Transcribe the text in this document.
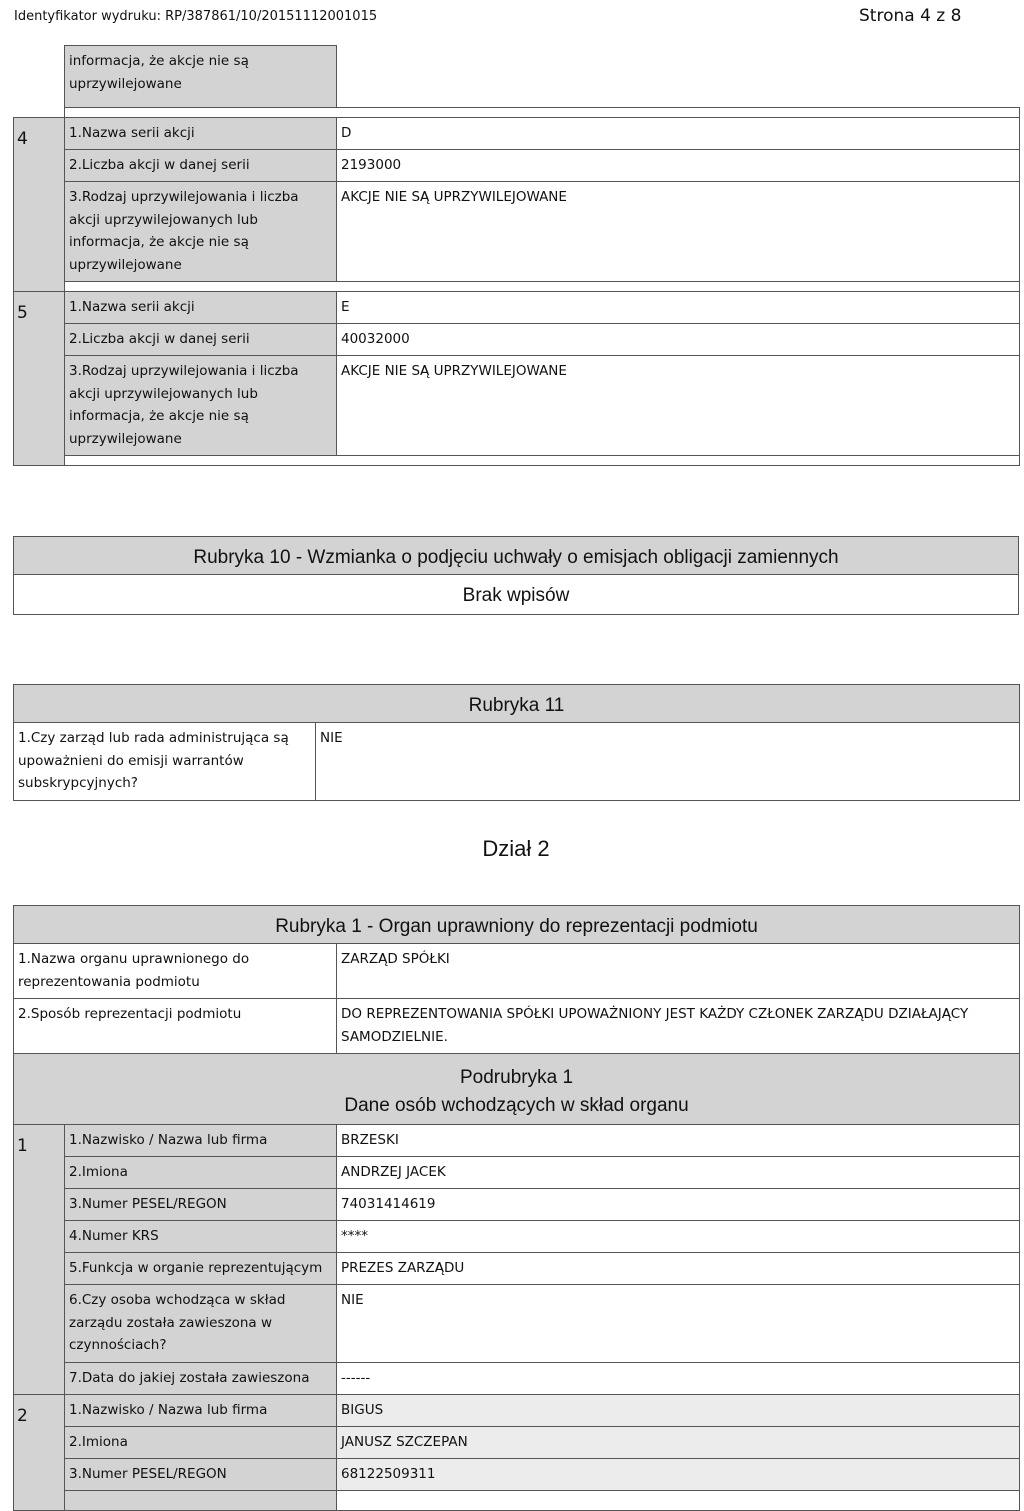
Identyfikator wydruku: RP/387861/10/20151112001015	Strona 4 z 8
	informacja, że akcje nie są uprzywilejowane	

4	1.Nazwa serii akcji	D
	2.Liczba akcji w danej serii	2193000
	3.Rodzaj uprzywilejowania i liczba akcji uprzywilejowanych lub informacja, że akcje nie są uprzywilejowane	AKCJE NIE SĄ UPRZYWILEJOWANE

5	1.Nazwa serii akcji	E
	2.Liczba akcji w danej serii	40032000
	3.Rodzaj uprzywilejowania i liczba akcji uprzywilejowanych lub informacja, że akcje nie są uprzywilejowane	AKCJE NIE SĄ UPRZYWILEJOWANE

Rubryka 10 - Wzmianka o podjęciu uchwały o emisjach obligacji zamiennych
Brak wpisów
Rubryka 11
1.Czy zarząd lub rada administrująca są upoważnieni do emisji warrantów subskrypcyjnych?	NIE
Dział 2
Rubryka 1 - Organ uprawniony do reprezentacji podmiotu		
1.Nazwa organu uprawnionego do reprezentowania podmiotu		ZARZĄD SPÓŁKI
2.Sposób reprezentacji podmiotu		DO REPREZENTOWANIA SPÓŁKI UPOWAŻNIONY JEST KAŻDY CZŁONEK ZARZĄDU DZIAŁAJĄCY SAMODZIELNIE.

Podrubryka 1
Dane osób wchodzących w skład organu		

1	1.Nazwisko / Nazwa lub firma	BRZESKI
	2.Imiona	ANDRZEJ JACEK
	3.Numer PESEL/REGON	74031414619
	4.Numer KRS	****
	5.Funkcja w organie reprezentującym	PREZES ZARZĄDU
	6.Czy osoba wchodząca w skład zarządu została zawieszona w czynnościach?	NIE
	7.Data do jakiej została zawieszona	------
2	1.Nazwisko / Nazwa lub firma	BIGUS
	2.Imiona	JANUSZ SZCZEPAN
	3.Numer PESEL/REGON	68122509311
